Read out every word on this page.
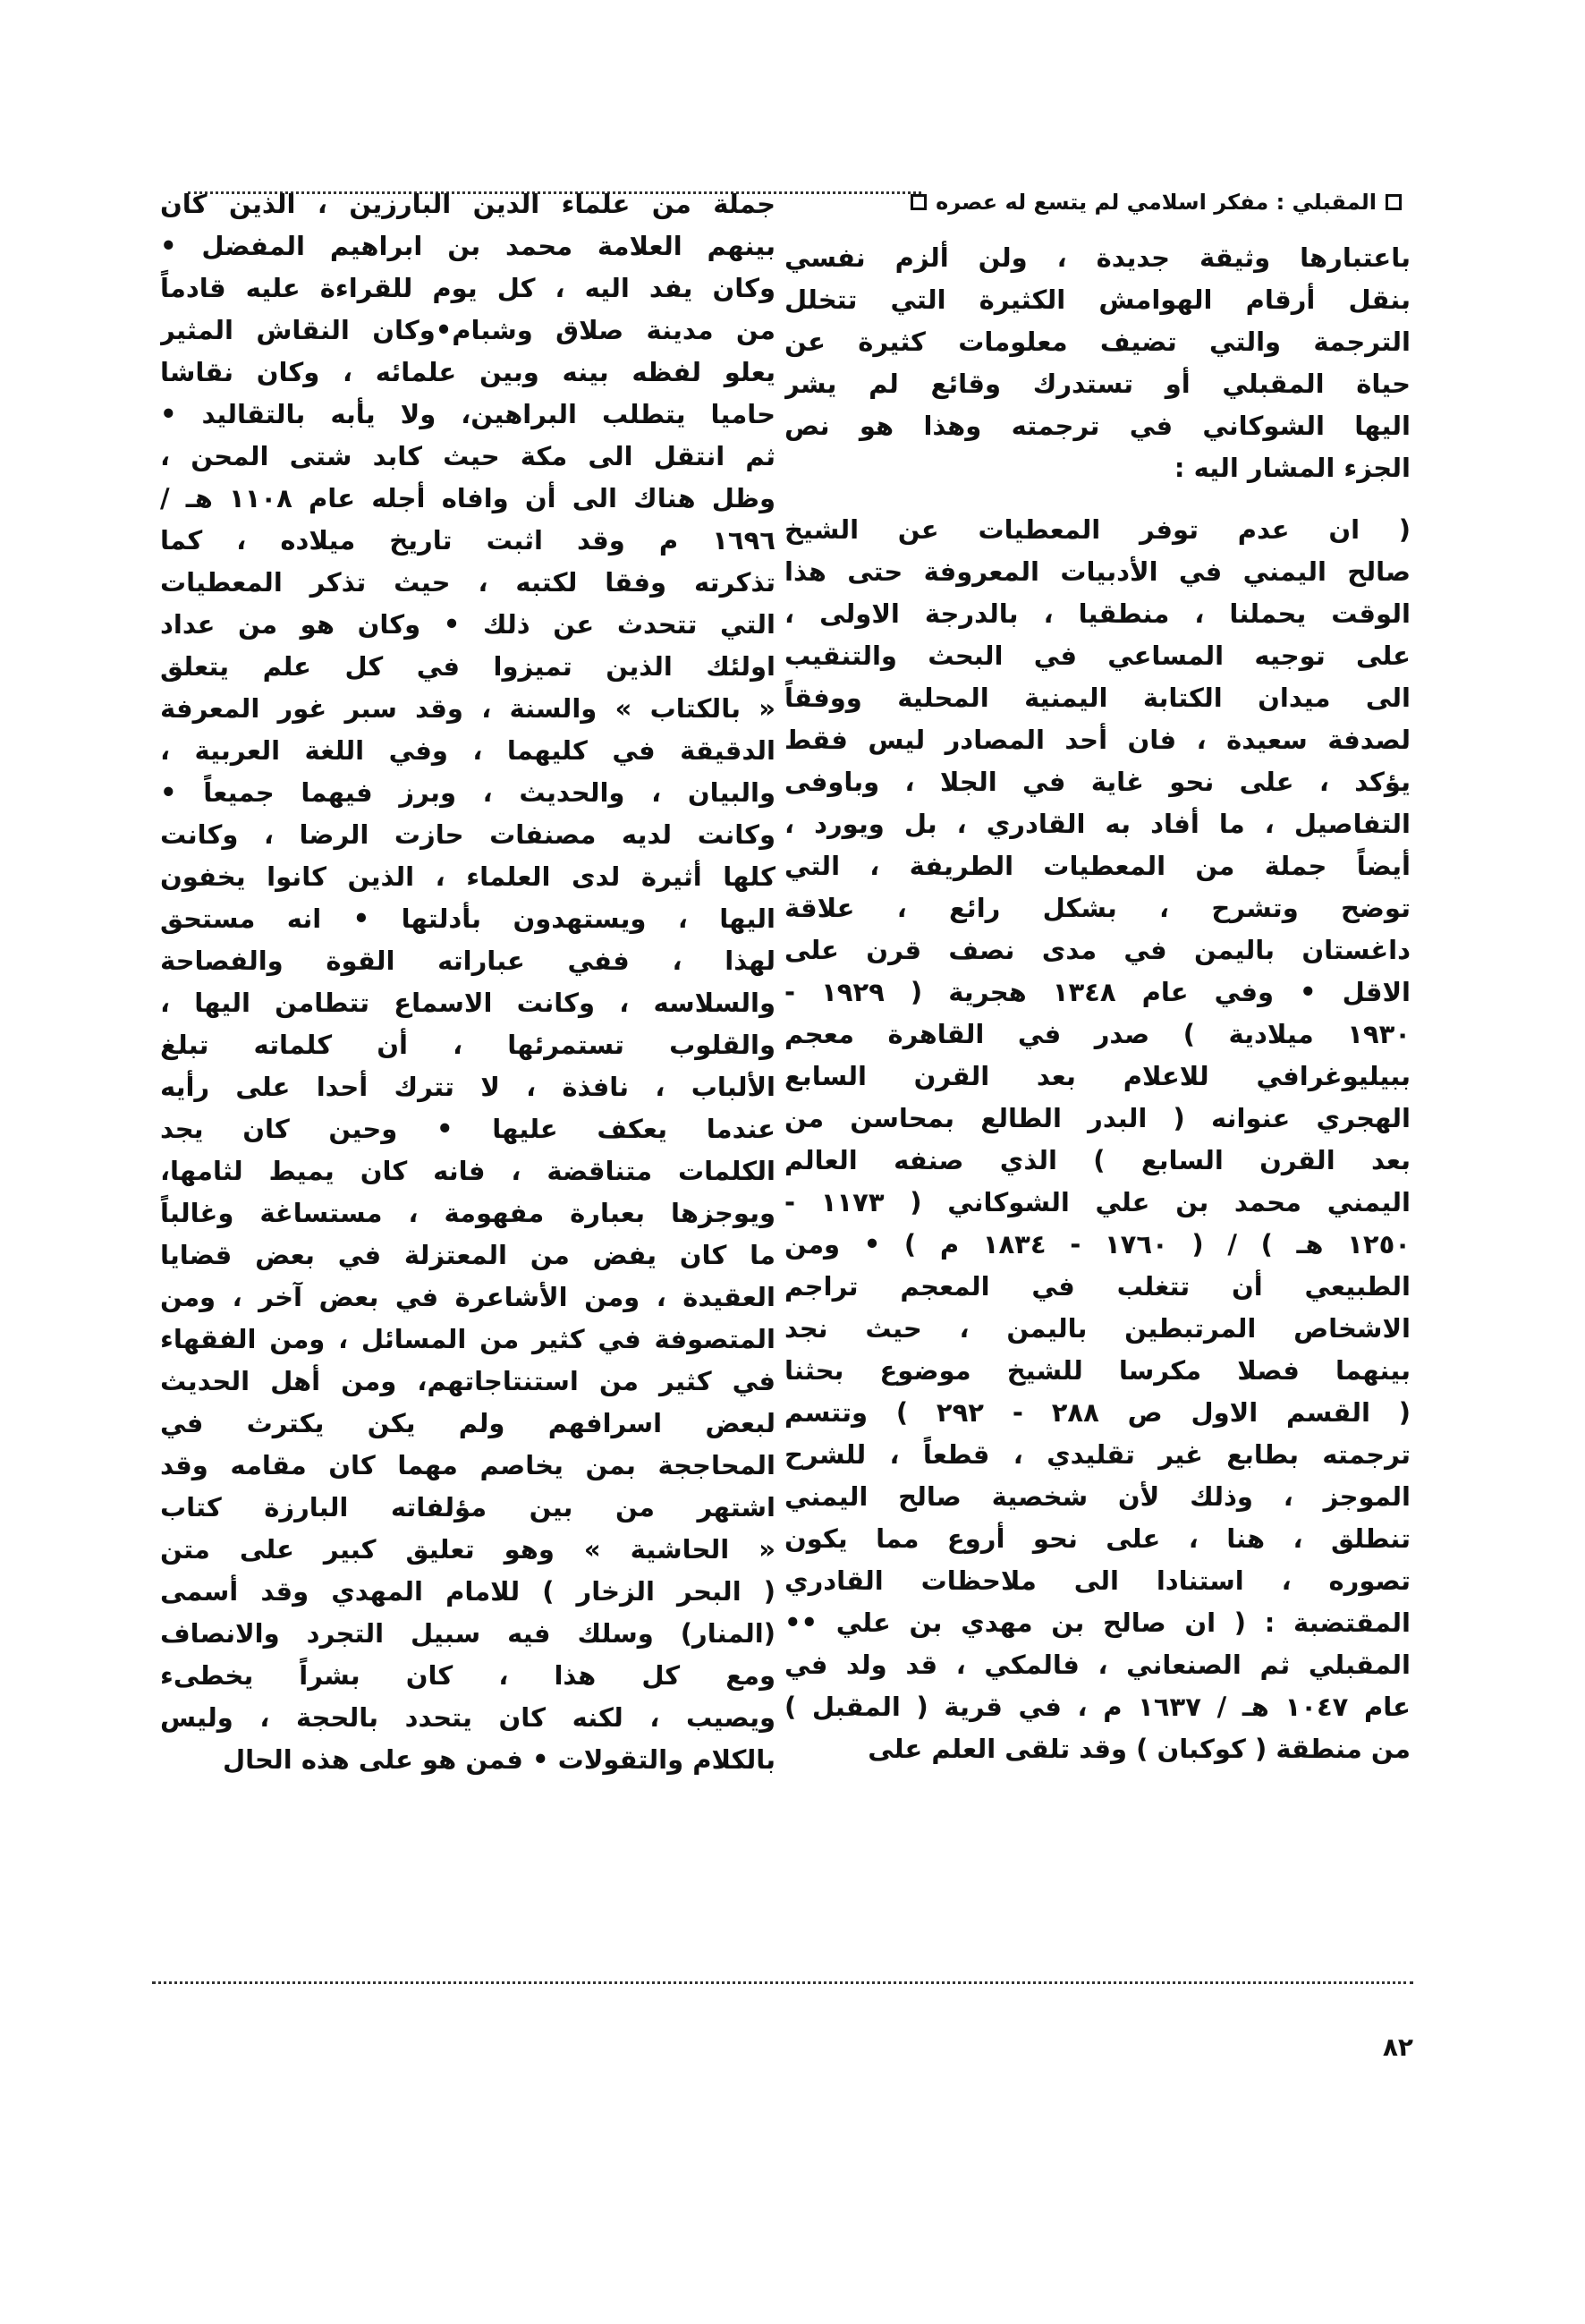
المقبلي : مفكر اسلامي لم يتسع له عصره
باعتبارها وثيقة جديدة ، ولن ألزم نفسي
بنقل أرقام الهوامش الكثيرة التي تتخلل
الترجمة والتي تضيف معلومات كثيرة عن
حياة المقبلي أو تستدرك وقائع لم يشر
اليها الشوكاني في ترجمته وهذا هو نص
الجزء المشار اليه :
( ان عدم توفر المعطيات عن الشيخ
صالح اليمني في الأدبيات المعروفة حتى هذا
الوقت يحملنا ، منطقيا ، بالدرجة الاولى ،
على توجيه المساعي في البحث والتنقيب
الى ميدان الكتابة اليمنية المحلية ووفقاً
لصدفة سعيدة ، فان أحد المصادر ليس فقط
يؤكد ، على نحو غاية في الجلا ، وباوفى
التفاصيل ، ما أفاد به القادري ، بل ويورد ،
أيضاً جملة من المعطيات الطريفة ، التي
توضح وتشرح ، بشكل رائع ، علاقة
داغستان باليمن في مدى نصف قرن على
الاقل • وفي عام ١٣٤٨ هجرية ( ١٩٢٩ -
١٩٣٠ ميلادية ) صدر في القاهرة معجم
ببيليوغرافي للاعلام بعد القرن السابع
الهجري عنوانه ( البدر الطالع بمحاسن من
بعد القرن السابع ) الذي صنفه العالم
اليمني محمد بن علي الشوكاني ( ١١٧٣ -
١٢٥٠ هـ ) / ( ١٧٦٠ - ١٨٣٤ م ) • ومن
الطبيعي أن تتغلب في المعجم تراجم
الاشخاص المرتبطين باليمن ، حيث نجد
بينهما فصلا مكرسا للشيخ موضوع بحثنا
( القسم الاول ص ٢٨٨ - ٢٩٢ ) وتتسم
ترجمته بطابع غير تقليدي ، قطعاً ، للشرح
الموجز ، وذلك لأن شخصية صالح اليمني
تنطلق ، هنا ، على نحو أروع مما يكون
تصوره ، استنادا الى ملاحظات القادري
المقتضبة : ( ان صالح بن مهدي بن علي ••
المقبلي ثم الصنعاني ، فالمكي ، قد ولد في
عام ١٠٤٧ هـ / ١٦٣٧ م ، في قرية ( المقبل )
من منطقة ( كوكبان ) وقد تلقى العلم على
جملة من علماء الدين البارزين ، الذين كان
بينهم العلامة محمد بن ابراهيم المفضل •
وكان يفد اليه ، كل يوم للقراءة عليه قادماً
من مدينة صلاق وشبام•وكان النقاش المثير
يعلو لفظه بينه وبين علمائه ، وكان نقاشا
حاميا يتطلب البراهين، ولا يأبه بالتقاليد •
ثم انتقل الى مكة حيث كابد شتى المحن ،
وظل هناك الى أن وافاه أجله عام ١١٠٨ هـ /
١٦٩٦ م وقد اثبت تاريخ ميلاده ، كما
تذكرته وفقا لكتبه ، حيث تذكر المعطيات
التي تتحدث عن ذلك • وكان هو من عداد
اولئك الذين تميزوا في كل علم يتعلق
« بالكتاب » والسنة ، وقد سبر غور المعرفة
الدقيقة في كليهما ، وفي اللغة العربية ،
والبيان ، والحديث ، وبرز فيهما جميعاً •
وكانت لديه مصنفات حازت الرضا ، وكانت
كلها أثيرة لدى العلماء ، الذين كانوا يخفون
اليها ، ويستهدون بأدلتها • انه مستحق
لهذا ، ففي عباراته القوة والفصاحة
والسلاسه ، وكانت الاسماع تتطامن اليها ،
والقلوب تستمرئها ، أن كلماته تبلغ
الألباب ، نافذة ، لا تترك أحدا على رأيه
عندما يعكف عليها • وحين كان يجد
الكلمات متناقضة ، فانه كان يميط لثامها،
ويوجزها بعبارة مفهومة ، مستساغة وغالباً
ما كان يفض من المعتزلة في بعض قضايا
العقيدة ، ومن الأشاعرة في بعض آخر ، ومن
المتصوفة في كثير من المسائل ، ومن الفقهاء
في كثير من استنتاجاتهم، ومن أهل الحديث
لبعض اسرافهم ولم يكن يكترث في
المحاججة بمن يخاصم مهما كان مقامه وقد
اشتهر من بين مؤلفاته البارزة كتاب
« الحاشية » وهو تعليق كبير على متن
( البحر الزخار ) للامام المهدي وقد أسمى
(المنار) وسلك فيه سبيل التجرد والانصاف
ومع كل هذا ، كان بشراً يخطىء
ويصيب ، لكنه كان يتحدد بالحجة ، وليس
بالكلام والتقولات • فمن هو على هذه الحال
٨٢
